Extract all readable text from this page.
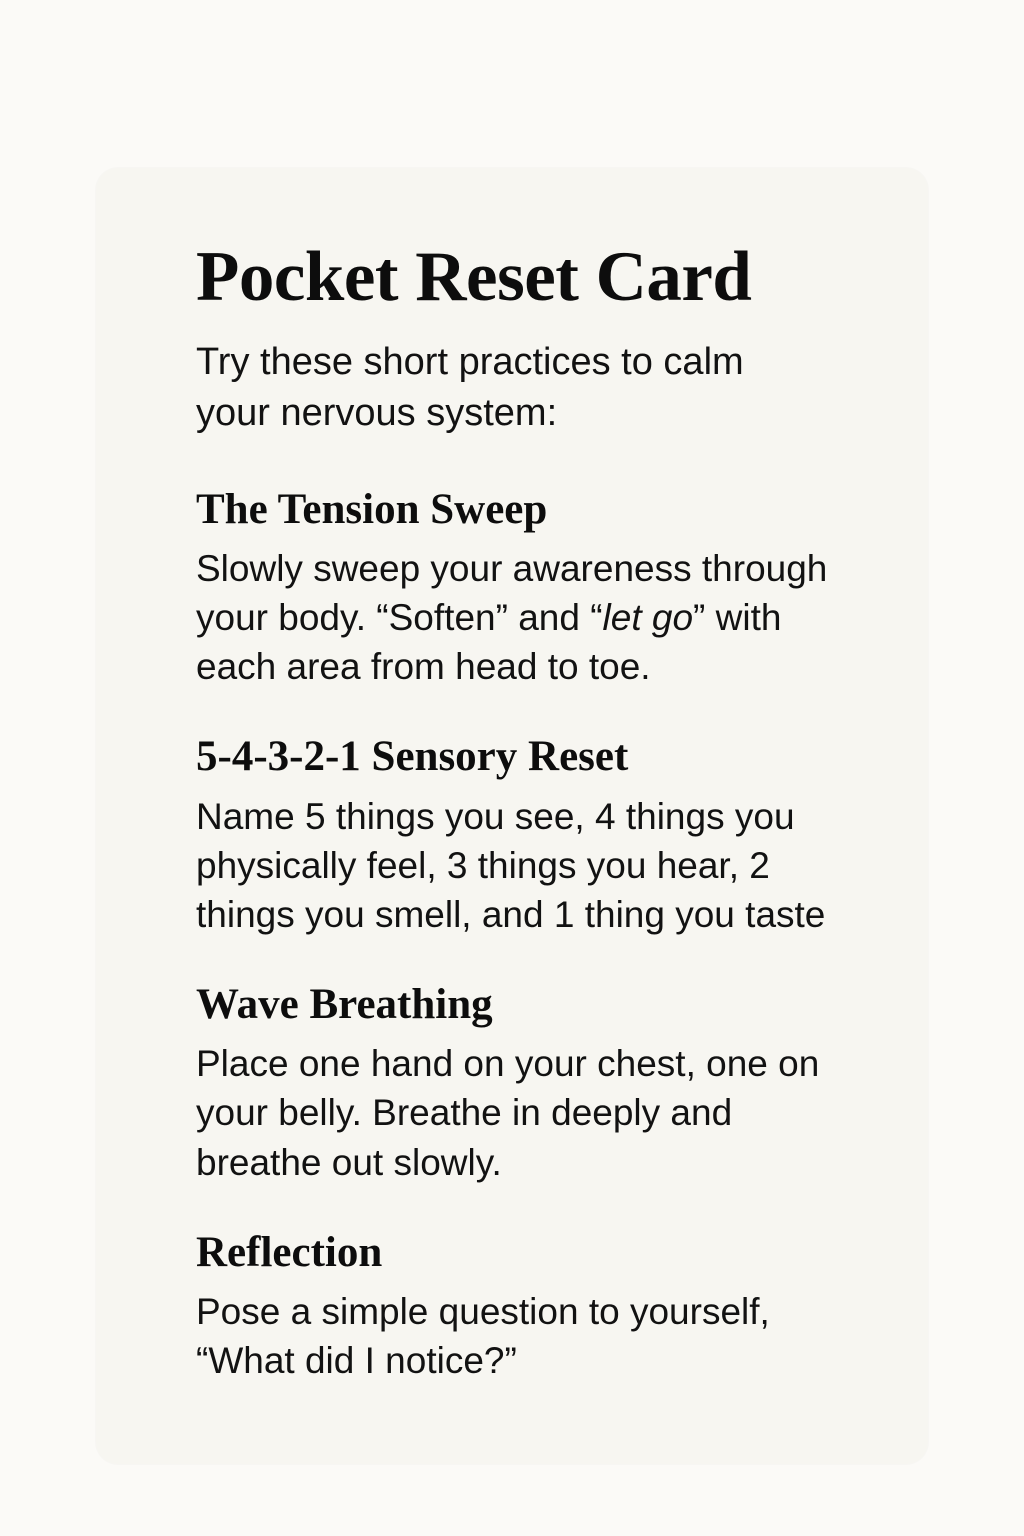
Pocket Reset Card

Try these short practices to calm your nervous system:

The Tension Sweep

Slowly sweep your awareness through your body. “Soften” and “let go” with each area from head to toe.

5-4-3-2-1 Sensory Reset

Name 5 things you see, 4 things you physically feel, 3 things you hear, 2 things you smell, and 1 thing you taste

Wave Breathing

Place one hand on your chest, one on your belly. Breathe in deeply and breathe out slowly.

Reflection

Pose a simple question to yourself, “What did I notice?”
